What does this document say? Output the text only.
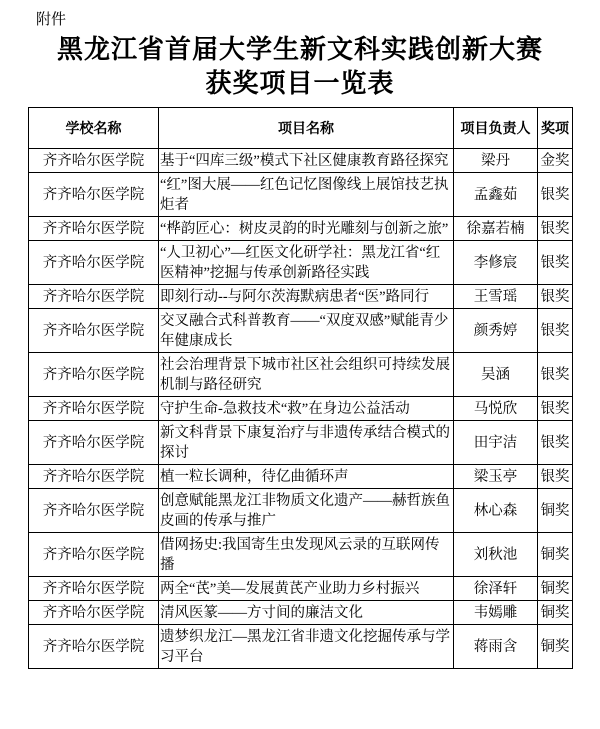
附件
黑龙江省首届大学生新文科实践创新大赛
获奖项目一览表
学校名称	项目名称	项目负责人	奖项
齐齐哈尔医学院	基于“四库三级”模式下社区健康教育路径探究	梁丹	金奖
齐齐哈尔医学院	“红”图大展——红色记忆图像线上展馆技艺执炬者	孟鑫茹	银奖
齐齐哈尔医学院	“桦韵匠心：树皮灵韵的时光雕刻与创新之旅”	徐嘉若楠	银奖
齐齐哈尔医学院	“人卫初心”—红医文化研学社：黑龙江省“红医精神”挖掘与传承创新路径实践	李修宸	银奖
齐齐哈尔医学院	即刻行动--与阿尔茨海默病患者“医”路同行	王雪瑶	银奖
齐齐哈尔医学院	交叉融合式科普教育——“双度双感”赋能青少年健康成长	颜秀婷	银奖
齐齐哈尔医学院	社会治理背景下城市社区社会组织可持续发展机制与路径研究	吴涵	银奖
齐齐哈尔医学院	守护生命-急救技术“救”在身边公益活动	马悦欣	银奖
齐齐哈尔医学院	新文科背景下康复治疗与非遗传承结合模式的探讨	田宇洁	银奖
齐齐哈尔医学院	植一粒长调种，待亿曲循环声	梁玉亭	银奖
齐齐哈尔医学院	创意赋能黑龙江非物质文化遗产——赫哲族鱼皮画的传承与推广	林心森	铜奖
齐齐哈尔医学院	借网扬史:我国寄生虫发现风云录的互联网传播	刘秋池	铜奖
齐齐哈尔医学院	两全“芪”美—发展黄芪产业助力乡村振兴	徐泽轩	铜奖
齐齐哈尔医学院	清风医篆——方寸间的廉洁文化	韦嫣雕	铜奖
齐齐哈尔医学院	遗梦织龙江—黑龙江省非遗文化挖掘传承与学习平台	蒋雨含	铜奖
